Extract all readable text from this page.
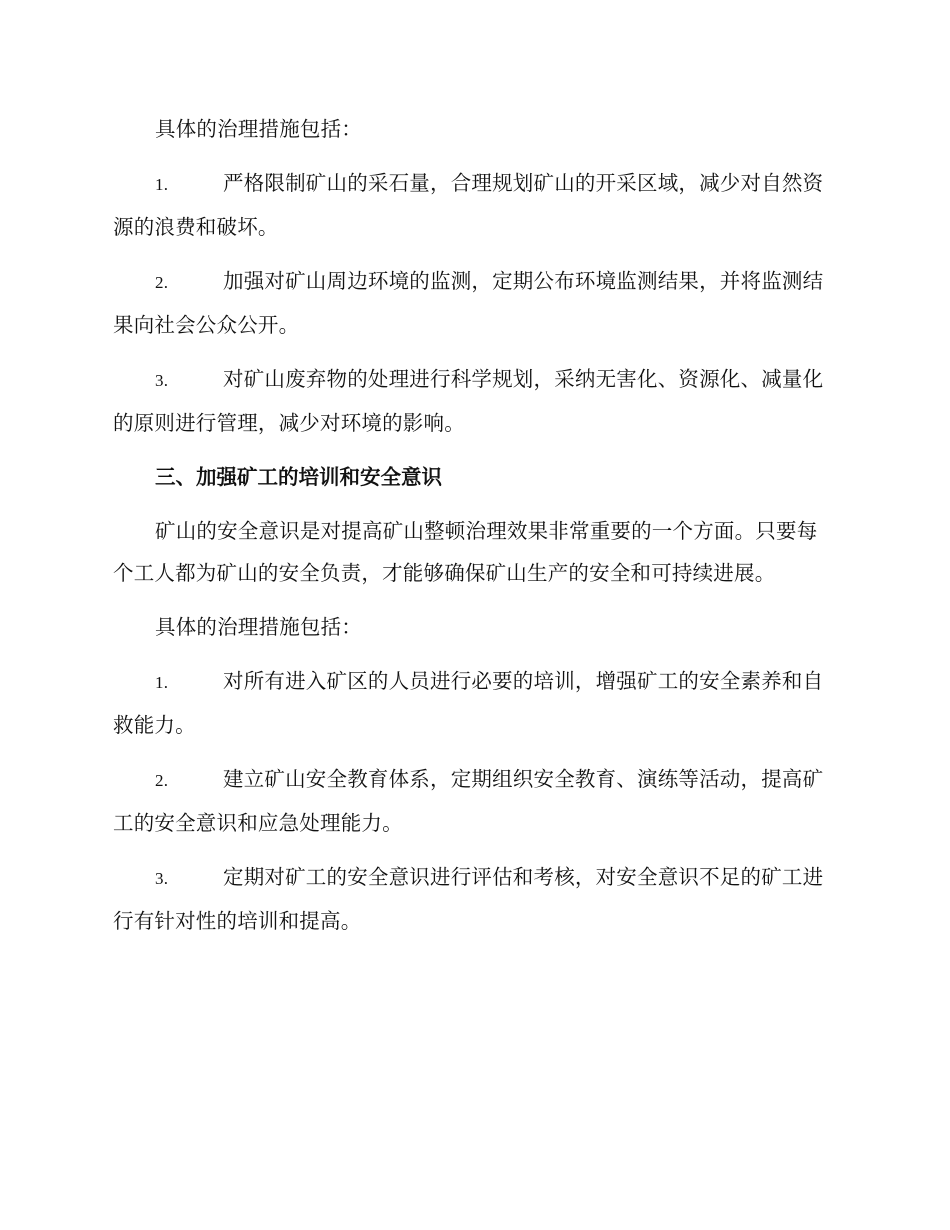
具体的治理措施包括：

1.	严格限制矿山的采石量，合理规划矿山的开采区域，减少对自然资源的浪费和破坏。

2.	加强对矿山周边环境的监测，定期公布环境监测结果，并将监测结果向社会公众公开。

3.	对矿山废弃物的处理进行科学规划，采纳无害化、资源化、减量化的原则进行管理，减少对环境的影响。

三、加强矿工的培训和安全意识

矿山的安全意识是对提高矿山整顿治理效果非常重要的一个方面。只要每个工人都为矿山的安全负责，才能够确保矿山生产的安全和可持续进展。

具体的治理措施包括：

1.	对所有进入矿区的人员进行必要的培训，增强矿工的安全素养和自救能力。

2.	建立矿山安全教育体系，定期组织安全教育、演练等活动，提高矿工的安全意识和应急处理能力。

3.	定期对矿工的安全意识进行评估和考核，对安全意识不足的矿工进行有针对性的培训和提高。
